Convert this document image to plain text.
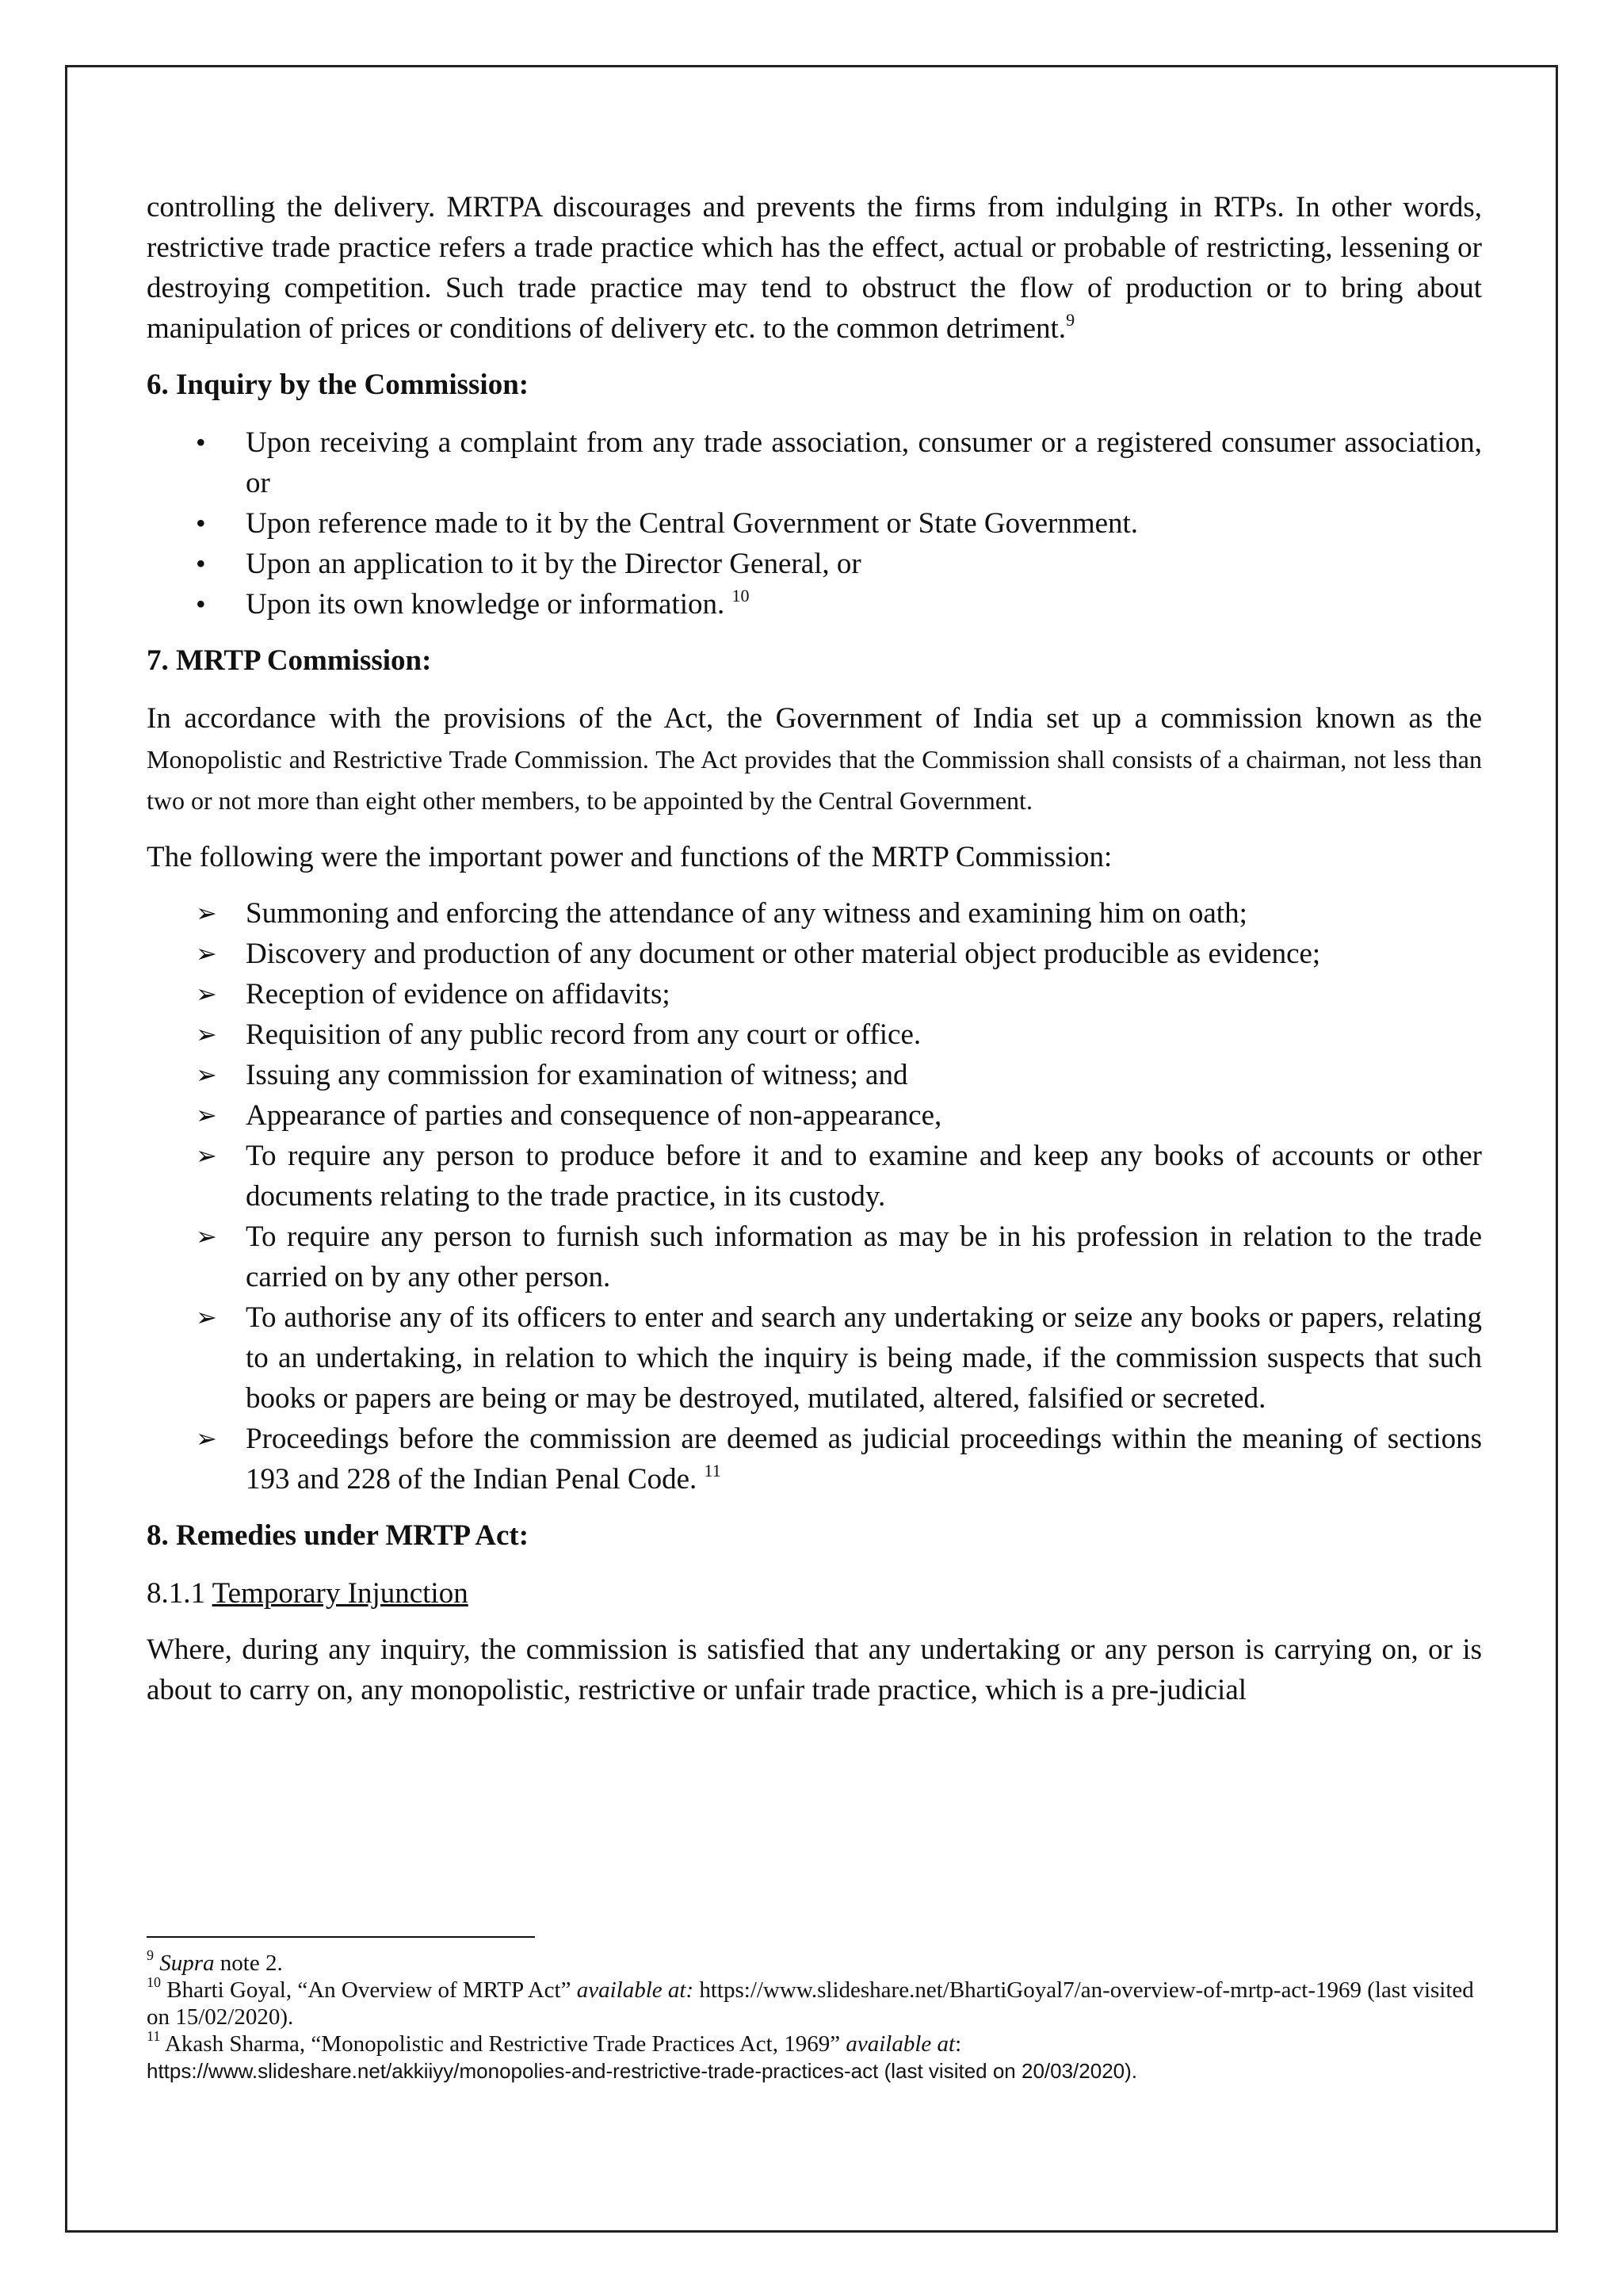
controlling the delivery. MRTPA discourages and prevents the firms from indulging in RTPs. In other words, restrictive trade practice refers a trade practice which has the effect, actual or probable of restricting, lessening or destroying competition. Such trade practice may tend to obstruct the flow of production or to bring about manipulation of prices or conditions of delivery etc. to the common detriment.$^9$

6. Inquiry by the Commission:

• Upon receiving a complaint from any trade association, consumer or a registered consumer association, or
• Upon reference made to it by the Central Government or State Government.
• Upon an application to it by the Director General, or
• Upon its own knowledge or information. $^{10}$

7. MRTP Commission:

In accordance with the provisions of the Act, the Government of India set up a commission known as the Monopolistic and Restrictive Trade Commission. The Act provides that the Commission shall consists of a chairman, not less than two or not more than eight other members, to be appointed by the Central Government.

The following were the important power and functions of the MRTP Commission:

➢ Summoning and enforcing the attendance of any witness and examining him on oath;
➢ Discovery and production of any document or other material object producible as evidence;
➢ Reception of evidence on affidavits;
➢ Requisition of any public record from any court or office.
➢ Issuing any commission for examination of witness; and
➢ Appearance of parties and consequence of non-appearance,
➢ To require any person to produce before it and to examine and keep any books of accounts or other documents relating to the trade practice, in its custody.
➢ To require any person to furnish such information as may be in his profession in relation to the trade carried on by any other person.
➢ To authorise any of its officers to enter and search any undertaking or seize any books or papers, relating to an undertaking, in relation to which the inquiry is being made, if the commission suspects that such books or papers are being or may be destroyed, mutilated, altered, falsified or secreted.
➢ Proceedings before the commission are deemed as judicial proceedings within the meaning of sections 193 and 228 of the Indian Penal Code. $^{11}$

8. Remedies under MRTP Act:

8.1.1 Temporary Injunction

Where, during any inquiry, the commission is satisfied that any undertaking or any person is carrying on, or is about to carry on, any monopolistic, restrictive or unfair trade practice, which is a pre-judicial

$^9$ Supra note 2.

$^{10}$ Bharti Goyal, “An Overview of MRTP Act” available at: https://www.slideshare.net/BhartiGoyal7/an-overview-of-mrtp-act-1969 (last visited on 15/02/2020).

$^{11}$ Akash Sharma, “Monopolistic and Restrictive Trade Practices Act, 1969” available at:
https://www.slideshare.net/akkiiyy/monopolies-and-restrictive-trade-practices-act (last visited on 20/03/2020).
